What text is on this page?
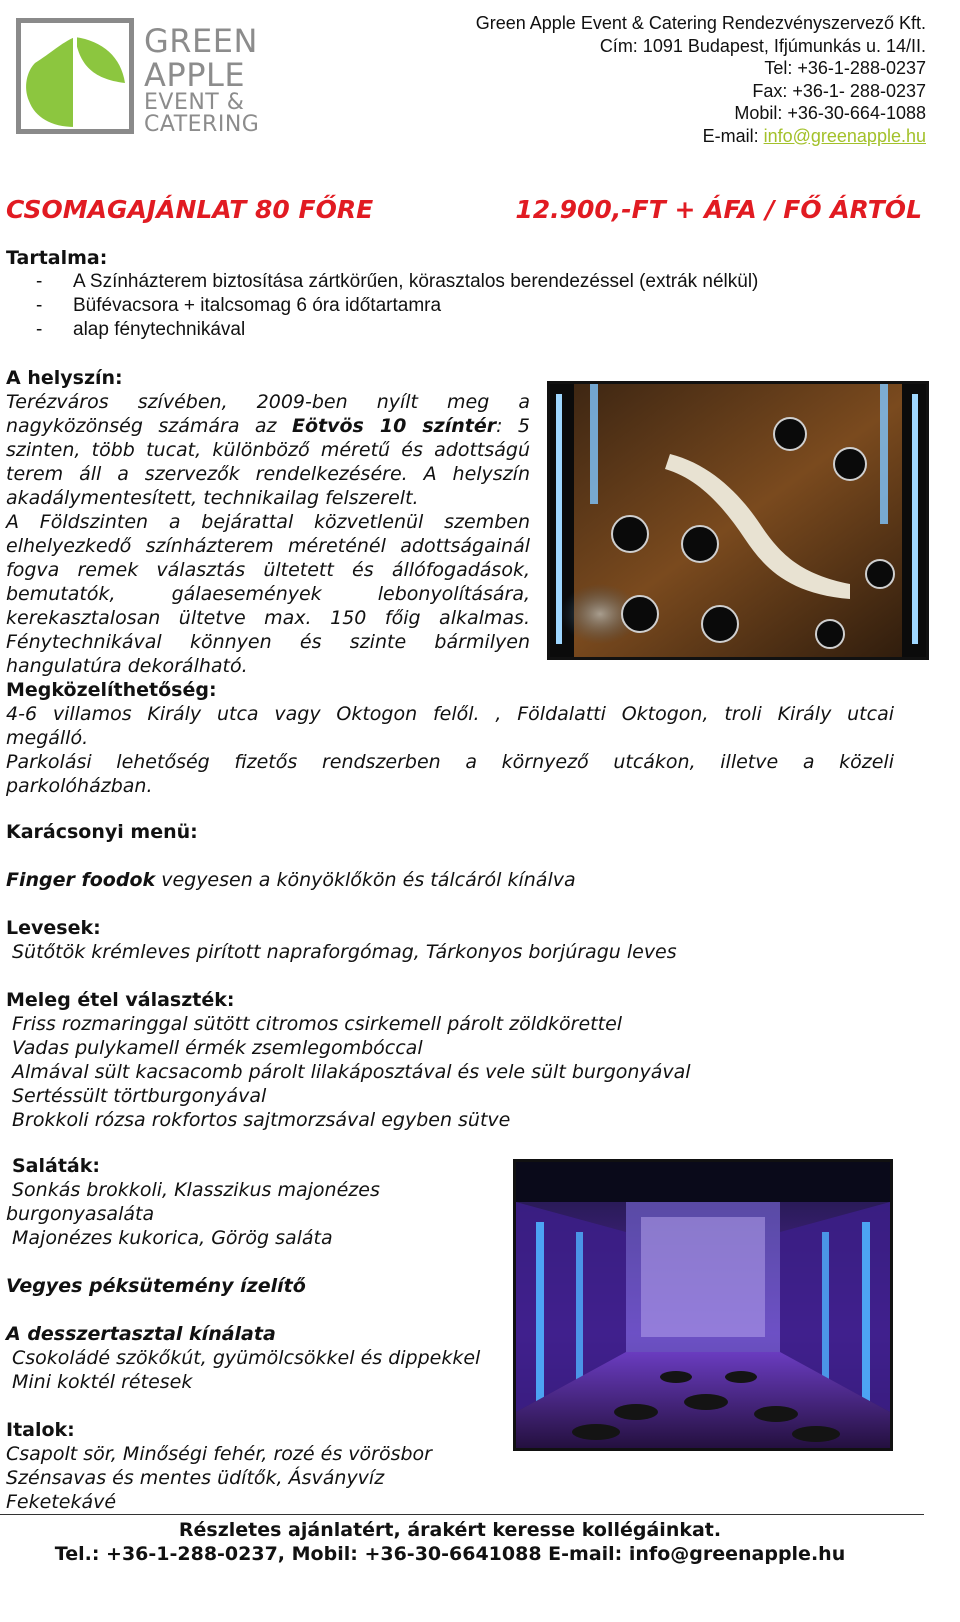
GREEN
APPLE
EVENT &
CATERING
Green Apple Event & Catering Rendezvényszervező Kft.
Cím: 1091 Budapest, Ifjúmunkás u. 14/II.
Tel: +36-1-288-0237
Fax: +36-1- 288-0237
Mobil: +36-30-664-1088
E-mail: info@greenapple.hu
CSOMAGAJÁNLAT 80 FŐRE	12.900,-FT + ÁFA / FŐ ÁRTÓL
Tartalma:
- A Színházterem biztosítása zártkörűen, körasztalos berendezéssel (extrák nélkül)
- Büfévacsora + italcsomag 6 óra időtartamra
- alap fénytechnikával
A helyszín:
Terézváros szívében, 2009-ben nyílt meg a
nagyközönség számára az Eötvös 10 színtér: 5
szinten, több tucat, különböző méretű és adottságú
terem áll a szervezők rendelkezésére. A helyszín
akadálymentesített, technikailag felszerelt.
A Földszinten a bejárattal közvetlenül szemben
elhelyezkedő színházterem méreténél adottságainál
fogva remek választás ültetett és állófogadások,
bemutatók, gálaesemények lebonyolítására,
kerekasztalosan ültetve max. 150 főig alkalmas.
Fénytechnikával könnyen és szinte bármilyen
hangulatúra dekorálható.
Megközelíthetőség:
4-6 villamos Király utca vagy Oktogon felől. , Földalatti Oktogon, troli Király utcai
megálló.
Parkolási lehetőség fizetős rendszerben a környező utcákon, illetve a közeli
parkolóházban.
Karácsonyi menü:
Finger foodok vegyesen a könyöklőkön és tálcáról kínálva
Levesek:
Sütőtök krémleves pirított napraforgómag, Tárkonyos borjúragu leves
Meleg étel választék:
Friss rozmaringgal sütött citromos csirkemell párolt zöldkörettel
Vadas pulykamell érmék zsemlegombóccal
Almával sült kacsacomb párolt lilakáposztával és vele sült burgonyával
Sertéssült törtburgonyával
Brokkoli rózsa rokfortos sajtmorzsával egyben sütve
Saláták:
Sonkás brokkoli, Klasszikus majonézes
burgonyasaláta
Majonézes kukorica, Görög saláta
Vegyes péksütemény ízelítő
A desszertasztal kínálata
Csokoládé szökőkút, gyümölcsökkel és dippekkel
Mini koktél rétesek
Italok:
Csapolt sör, Minőségi fehér, rozé és vörösbor
Szénsavas és mentes üdítők, Ásványvíz
Feketekávé
Részletes ajánlatért, árakért keresse kollégáinkat.
Tel.: +36-1-288-0237, Mobil: +36-30-6641088 E-mail: info@greenapple.hu
